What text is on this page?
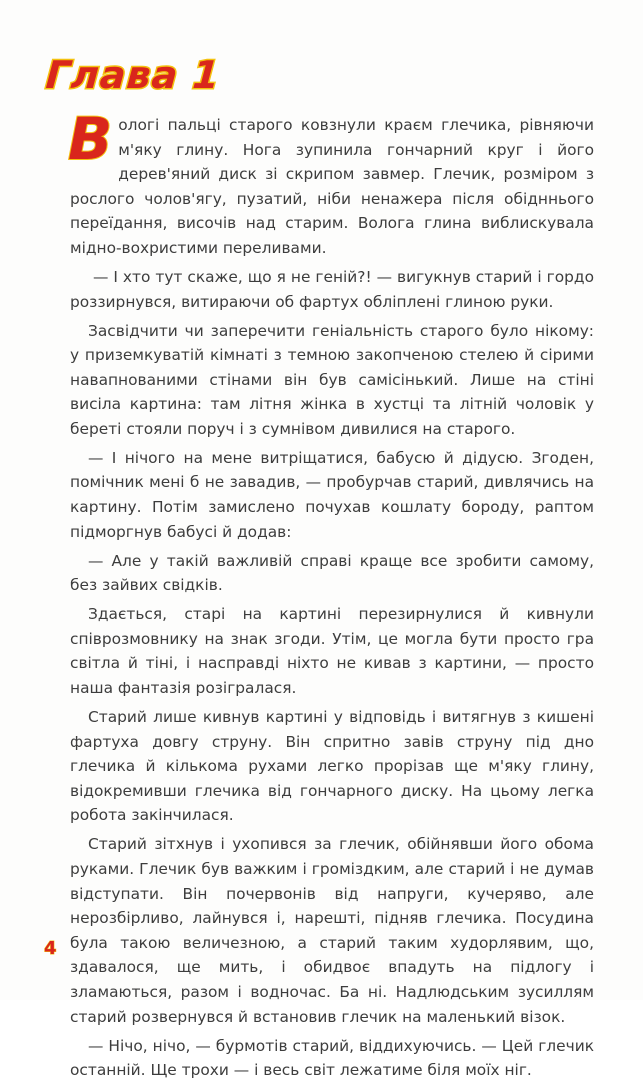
Глава 1

В ологі пальці старого ковзнули краєм глечика, рівняючи м'яку глину. Нога зупинила гончарний круг і його дерев'яний диск зі скрипом завмер. Глечик, розміром з рослого чолов'ягу, пузатий, ніби ненажера після обідннього переїдання, височів над старим. Волога глина виблискувала мідно-вохристими переливами.

— І хто тут скаже, що я не геній?! — вигукнув старий і гордо роззирнувся, витираючи об фартух обліплені глиною руки.

Засвідчити чи заперечити геніальність старого було нікому: у приземкуватій кімнаті з темною закопченою стелею й сірими навапнованими стінами він був самісінький. Лише на стіні висіла картина: там літня жінка в хустці та літній чоловік у береті стояли поруч і з сумнівом дивилися на старого.

— І нічого на мене витріщатися, бабусю й дідусю. Згоден, помічник мені б не завадив, — пробурчав старий, дивлячись на картину. Потім замислено почухав кошлату бороду, раптом підморгнув бабусі й додав:

— Але у такій важливій справі краще все зробити самому, без зайвих свідків.

Здається, старі на картині перезирнулися й кивнули співрозмовнику на знак згоди. Утім, це могла бути просто гра світла й тіні, і насправді ніхто не кивав з картини, — просто наша фантазія розігралася.

Старий лише кивнув картині у відповідь і витягнув з кишені фартуха довгу струну. Він спритно завів струну під дно глечика й кількома рухами легко прорізав ще м'яку глину, відокремивши глечика від гончарного диску. На цьому легка робота закінчилася.

Старий зітхнув і ухопився за глечик, обійнявши його обома руками. Глечик був важким і громіздким, але старий і не думав відступати. Він почервонів від напруги, кучеряво, але нерозбірливо, лайнувся і, нарешті, підняв глечика. Посудина була такою величезною, а старий таким худорлявим, що, здавалося, ще мить, і обидвоє впадуть на підлогу і зламаються, разом і водночас. Ба ні. Надлюдським зусиллям старий розвернувся й встановив глечик на маленький візок.

— Нічо, нічо, — бурмотів старий, віддихуючись. — Цей глечик останній. Ще трохи — і весь світ лежатиме біля моїх ніг.

4
